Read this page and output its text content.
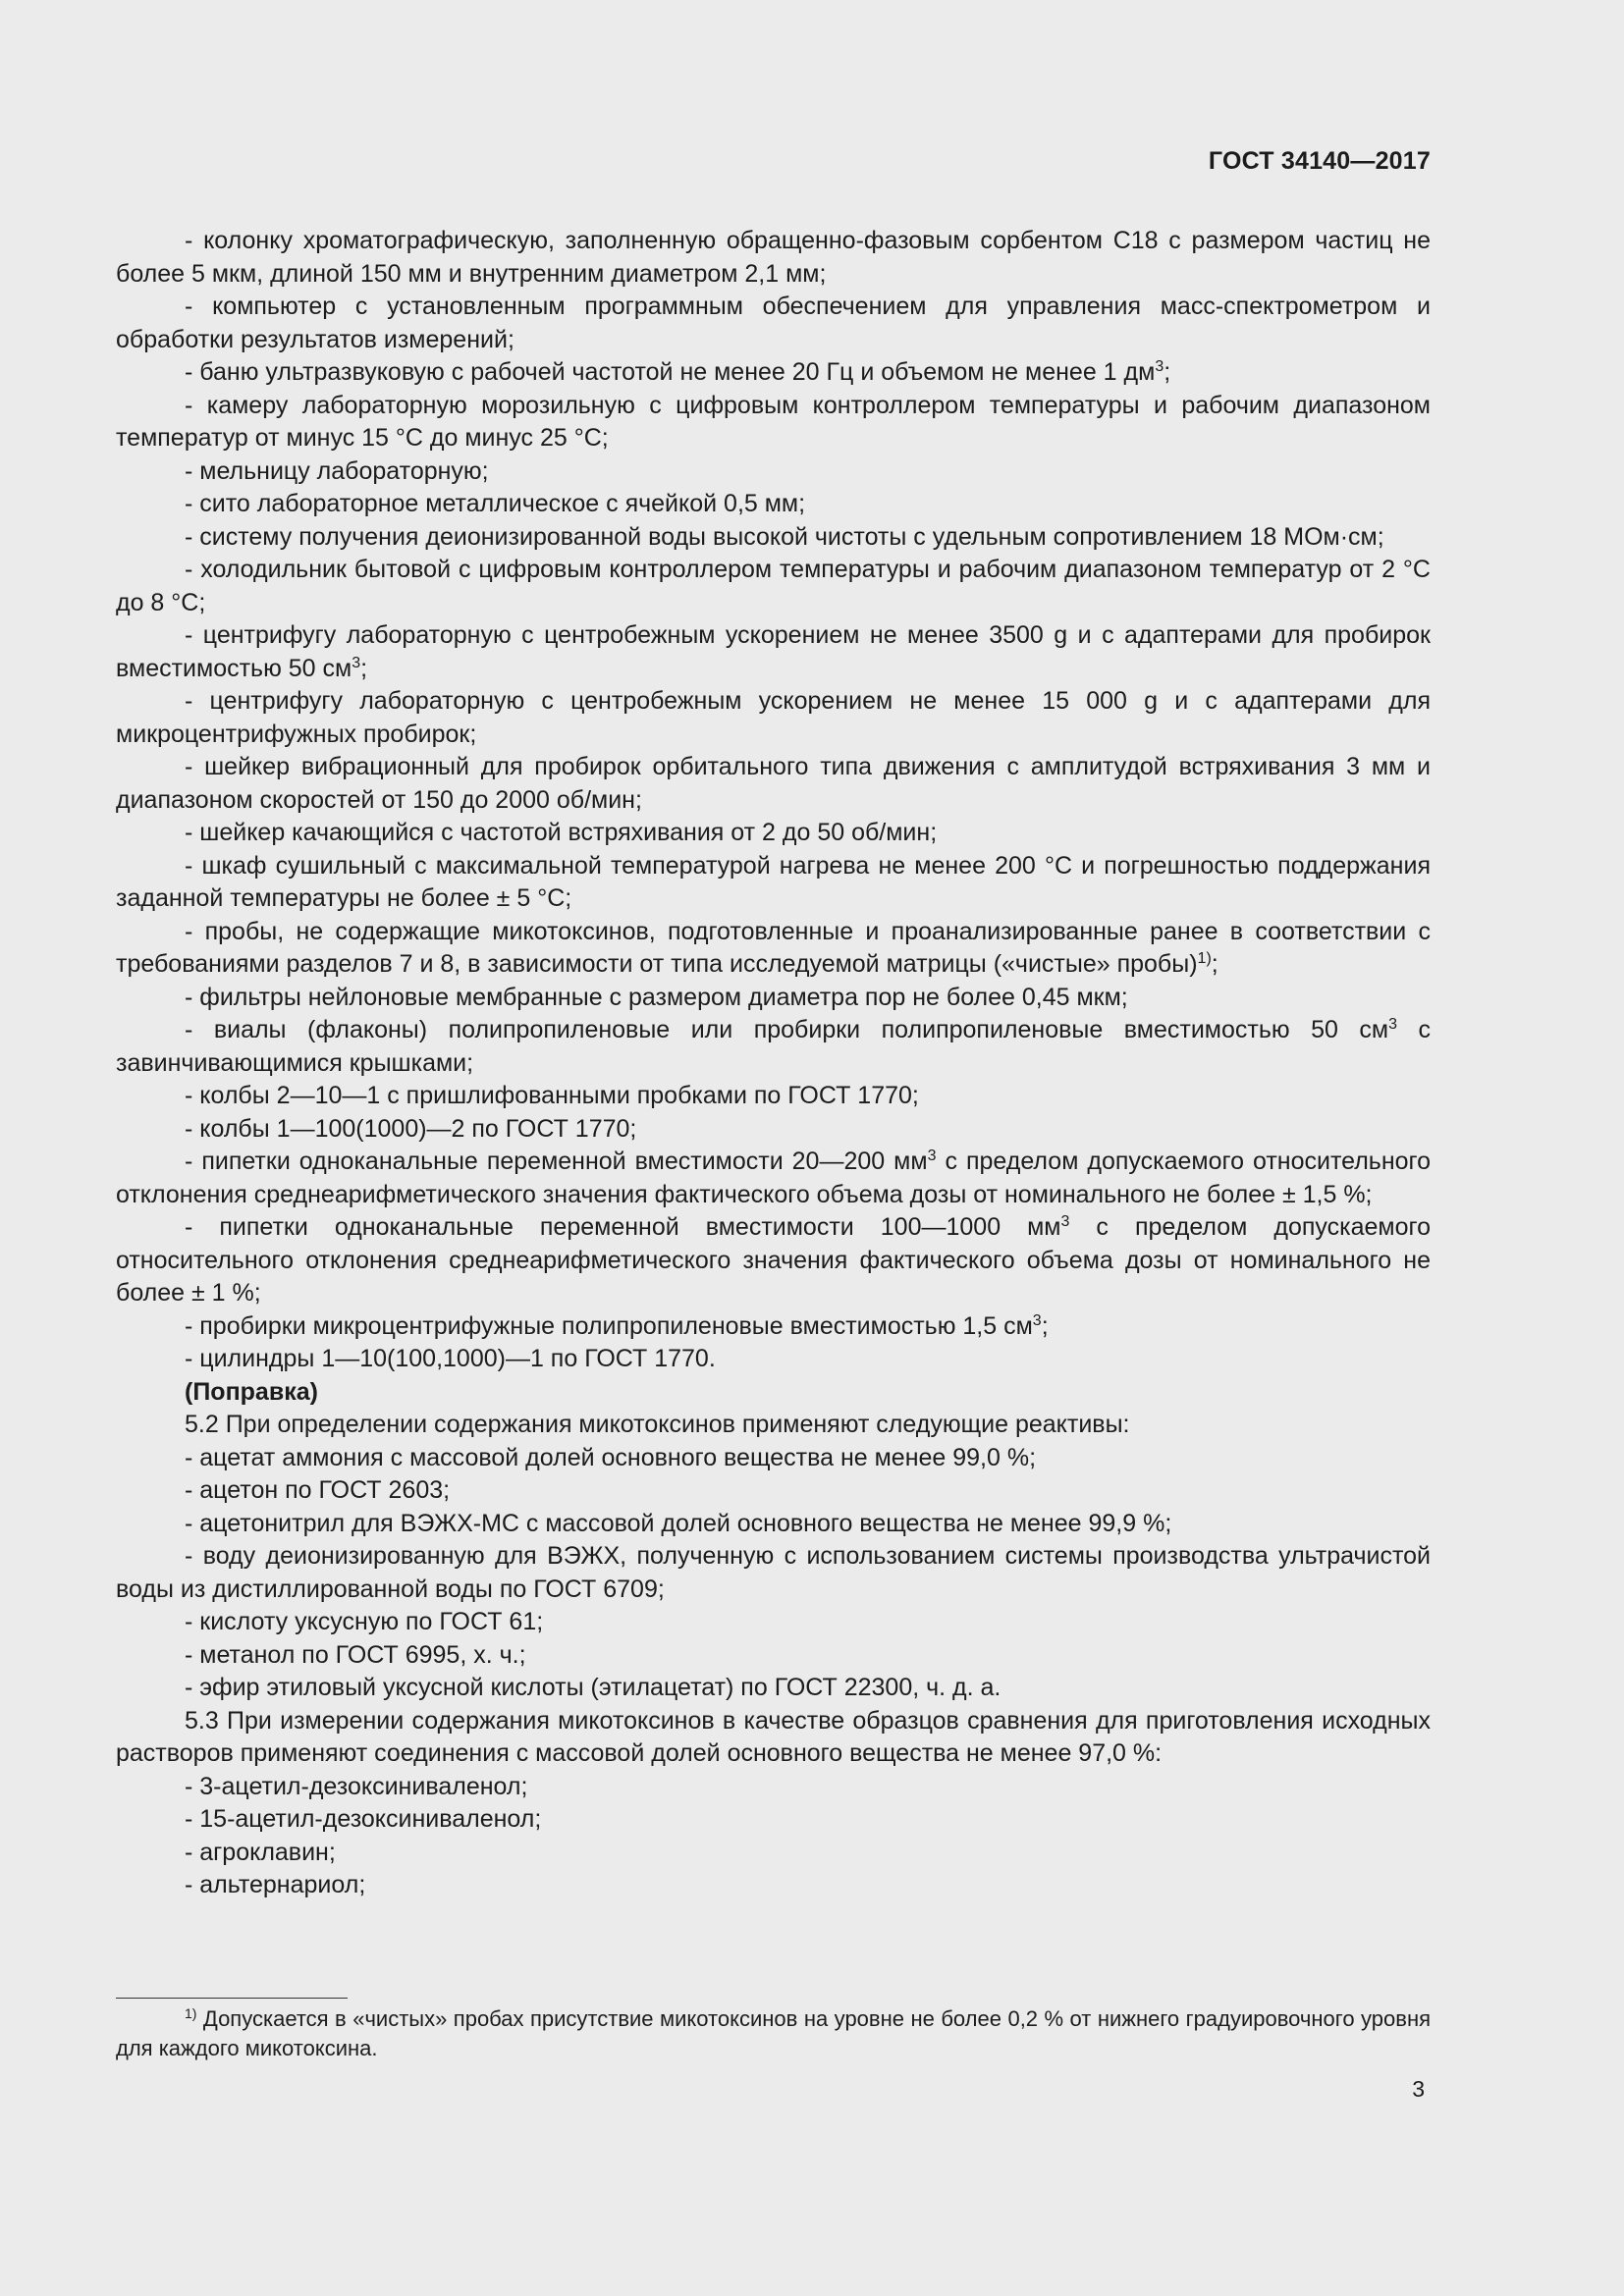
ГОСТ 34140—2017

- колонку хроматографическую, заполненную обращенно-фазовым сорбентом C18 с размером частиц не более 5 мкм, длиной 150 мм и внутренним диаметром 2,1 мм;

- компьютер с установленным программным обеспечением для управления масс-спектрометром и обработки результатов измерений;

- баню ультразвуковую с рабочей частотой не менее 20 Гц и объемом не менее 1 $дм^3$;

- камеру лабораторную морозильную с цифровым контроллером температуры и рабочим диапазоном температур от минус 15 °С до минус 25 °С;

- мельницу лабораторную;

- сито лабораторное металлическое с ячейкой 0,5 мм;

- систему получения деионизированной воды высокой чистоты с удельным сопротивлением 18 МОм·см;

- холодильник бытовой с цифровым контроллером температуры и рабочим диапазоном температур от 2 °С до 8 °С;

- центрифугу лабораторную с центробежным ускорением не менее 3500 g и с адаптерами для пробирок вместимостью 50 $см^3$;

- центрифугу лабораторную с центробежным ускорением не менее 15 000 g и с адаптерами для микроцентрифужных пробирок;

- шейкер вибрационный для пробирок орбитального типа движения с амплитудой встряхивания 3 мм и диапазоном скоростей от 150 до 2000 об/мин;

- шейкер качающийся с частотой встряхивания от 2 до 50 об/мин;

- шкаф сушильный с максимальной температурой нагрева не менее 200 °С и погрешностью поддержания заданной температуры не более ± 5 °С;

- пробы, не содержащие микотоксинов, подготовленные и проанализированные ранее в соответствии с требованиями разделов 7 и 8, в зависимости от типа исследуемой матрицы («чистые» пробы)$^{1)}$;

- фильтры нейлоновые мембранные с размером диаметра пор не более 0,45 мкм;

- виалы (флаконы) полипропиленовые или пробирки полипропиленовые вместимостью 50 $см^3$ с завинчивающимися крышками;

- колбы 2—10—1 с пришлифованными пробками по ГОСТ 1770;

- колбы 1—100(1000)—2 по ГОСТ 1770;

- пипетки одноканальные переменной вместимости 20—200 $мм^3$ с пределом допускаемого относительного отклонения среднеарифметического значения фактического объема дозы от номинального не более ± 1,5 %;

- пипетки одноканальные переменной вместимости 100—1000 $мм^3$ с пределом допускаемого относительного отклонения среднеарифметического значения фактического объема дозы от номинального не более ± 1 %;

- пробирки микроцентрифужные полипропиленовые вместимостью 1,5 $см^3$;

- цилиндры 1—10(100,1000)—1 по ГОСТ 1770.

(Поправка)

5.2 При определении содержания микотоксинов применяют следующие реактивы:

- ацетат аммония с массовой долей основного вещества не менее 99,0 %;

- ацетон по ГОСТ 2603;

- ацетонитрил для ВЭЖХ-МС с массовой долей основного вещества не менее 99,9 %;

- воду деионизированную для ВЭЖХ, полученную с использованием системы производства ультрачистой воды из дистиллированной воды по ГОСТ 6709;

- кислоту уксусную по ГОСТ 61;

- метанол по ГОСТ 6995, х. ч.;

- эфир этиловый уксусной кислоты (этилацетат) по ГОСТ 22300, ч. д. а.

5.3 При измерении содержания микотоксинов в качестве образцов сравнения для приготовления исходных растворов применяют соединения с массовой долей основного вещества не менее 97,0 %:

- 3-ацетил-дезоксиниваленол;

- 15-ацетил-дезоксиниваленол;

- агроклавин;

- альтернариол;

$^{1)}$ Допускается в «чистых» пробах присутствие микотоксинов на уровне не более 0,2 % от нижнего градуировочного уровня для каждого микотоксина.

3
